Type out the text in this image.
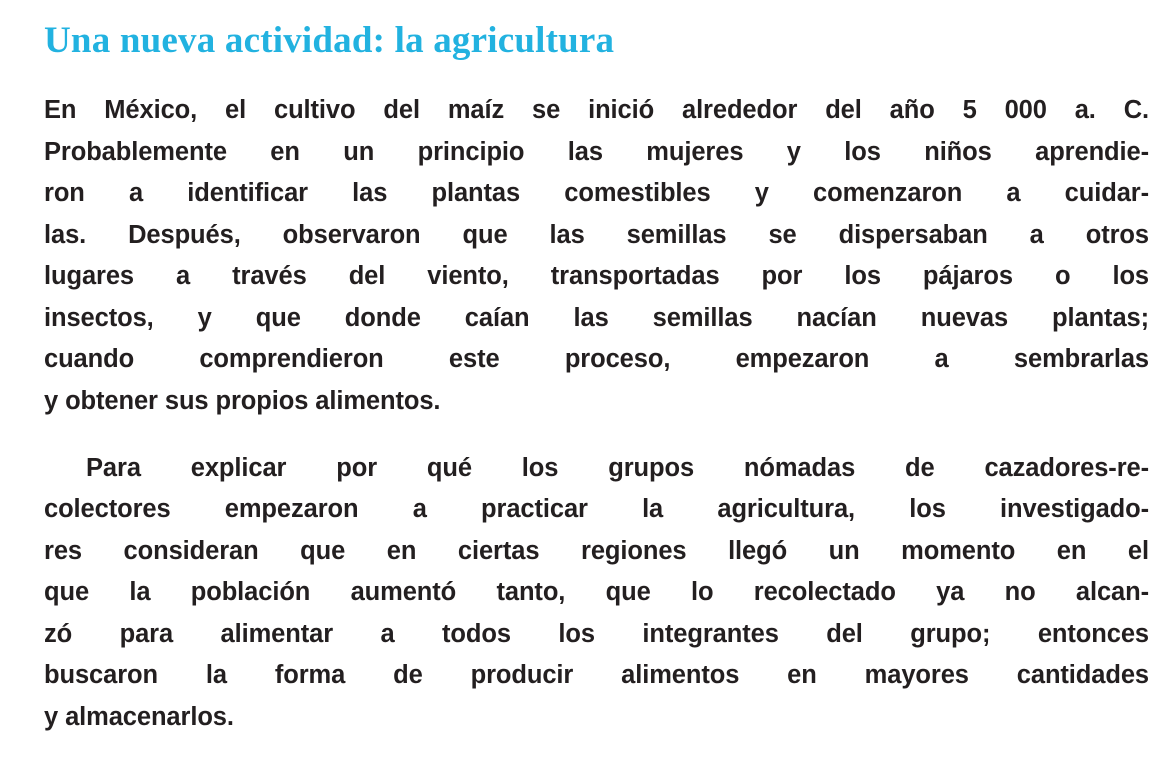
Una nueva actividad: la agricultura

En México, el cultivo del maíz se inició alrededor del año 5 000 a. C.
Probablemente en un principio las mujeres y los niños aprendie-
ron a identificar las plantas comestibles y comenzaron a cuidar-
las. Después, observaron que las semillas se dispersaban a otros
lugares a través del viento, transportadas por los pájaros o los
insectos, y que donde caían las semillas nacían nuevas plantas;
cuando comprendieron este proceso, empezaron a sembrarlas
y obtener sus propios alimentos.

Para explicar por qué los grupos nómadas de cazadores-re-
colectores empezaron a practicar la agricultura, los investigado-
res consideran que en ciertas regiones llegó un momento en el
que la población aumentó tanto, que lo recolectado ya no alcan-
zó para alimentar a todos los integrantes del grupo; entonces
buscaron la forma de producir alimentos en mayores cantidades
y almacenarlos.
